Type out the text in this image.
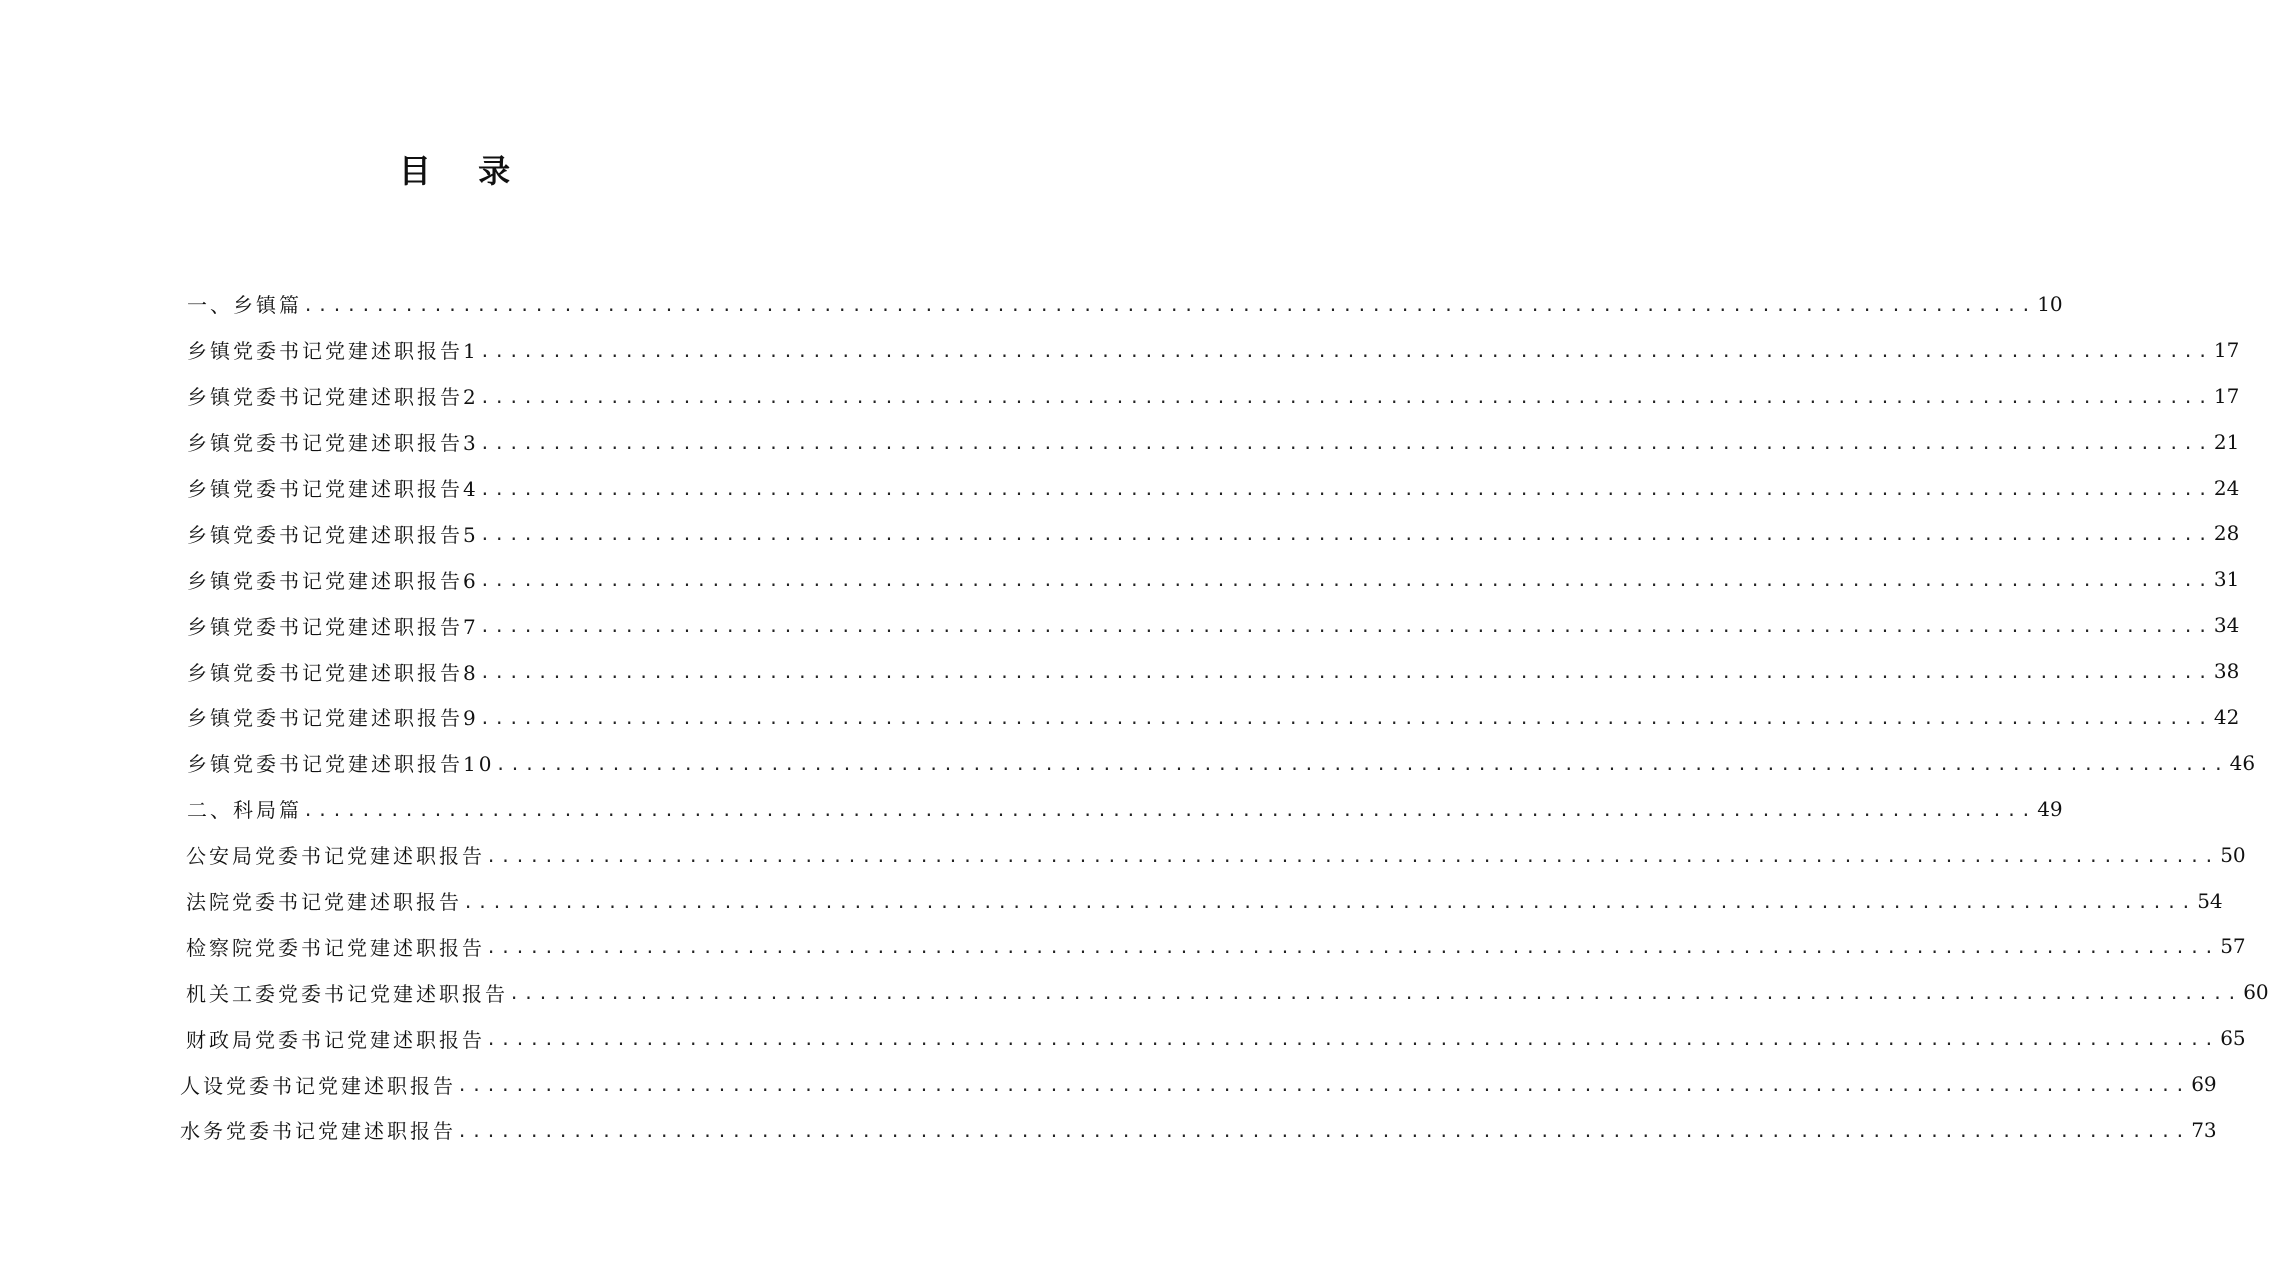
目 录
一、乡镇篇 ........................................................................................................................ 10
乡镇党委书记党建述职报告1 ........................................................................................................................ 17
乡镇党委书记党建述职报告2 ........................................................................................................................ 17
乡镇党委书记党建述职报告3 ........................................................................................................................ 21
乡镇党委书记党建述职报告4 ........................................................................................................................ 24
乡镇党委书记党建述职报告5 ........................................................................................................................ 28
乡镇党委书记党建述职报告6 ........................................................................................................................ 31
乡镇党委书记党建述职报告7 ........................................................................................................................ 34
乡镇党委书记党建述职报告8 ........................................................................................................................ 38
乡镇党委书记党建述职报告9 ........................................................................................................................ 42
乡镇党委书记党建述职报告10 ........................................................................................................................ 46
二、科局篇 ........................................................................................................................ 49
公安局党委书记党建述职报告 ........................................................................................................................ 50
法院党委书记党建述职报告 ........................................................................................................................ 54
检察院党委书记党建述职报告 ........................................................................................................................ 57
机关工委党委书记党建述职报告 ........................................................................................................................ 60
财政局党委书记党建述职报告 ........................................................................................................................ 65
人设党委书记党建述职报告 ........................................................................................................................ 69
水务党委书记党建述职报告 ........................................................................................................................ 73
